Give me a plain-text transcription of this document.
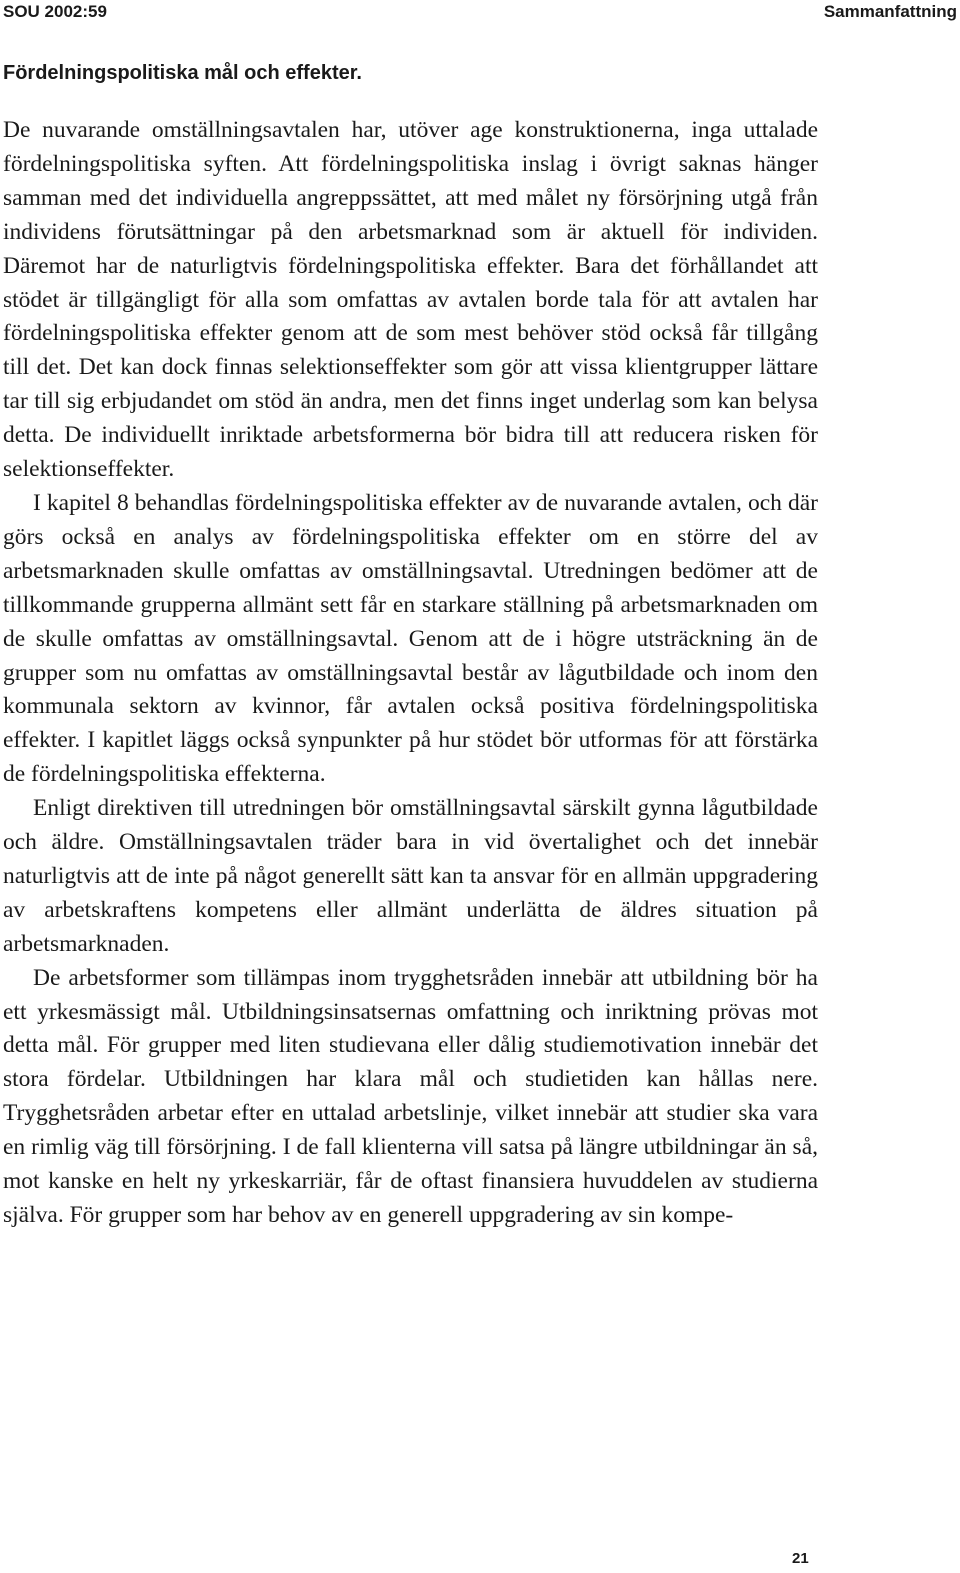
SOU 2002:59	Sammanfattning
Fördelningspolitiska mål och effekter.

De nuvarande omställningsavtalen har, utöver age konstruktionerna, inga uttalade fördelningspolitiska syften. Att fördelningspolitiska inslag i övrigt saknas hänger samman med det individuella angreppssättet, att med målet ny försörjning utgå från individens förutsättningar på den arbetsmarknad som är aktuell för individen. Däremot har de naturligtvis fördelningspolitiska effekter. Bara det förhållandet att stödet är tillgängligt för alla som omfattas av avtalen borde tala för att avtalen har fördelningspolitiska effekter genom att de som mest behöver stöd också får tillgång till det. Det kan dock finnas selektionseffekter som gör att vissa klientgrupper lättare tar till sig erbjudandet om stöd än andra, men det finns inget underlag som kan belysa detta. De individuellt inriktade arbetsformerna bör bidra till att reducera risken för selektionseffekter.

I kapitel 8 behandlas fördelningspolitiska effekter av de nuvarande avtalen, och där görs också en analys av fördelningspolitiska effekter om en större del av arbetsmarknaden skulle omfattas av omställningsavtal. Utredningen bedömer att de tillkommande grupperna allmänt sett får en starkare ställning på arbetsmarknaden om de skulle omfattas av omställningsavtal. Genom att de i högre utsträckning än de grupper som nu omfattas av omställningsavtal består av lågutbildade och inom den kommunala sektorn av kvinnor, får avtalen också positiva fördelningspolitiska effekter. I kapitlet läggs också synpunkter på hur stödet bör utformas för att förstärka de fördelningspolitiska effekterna.

Enligt direktiven till utredningen bör omställningsavtal särskilt gynna lågutbildade och äldre. Omställningsavtalen träder bara in vid övertalighet och det innebär naturligtvis att de inte på något generellt sätt kan ta ansvar för en allmän uppgradering av arbetskraftens kompetens eller allmänt underlätta de äldres situation på arbetsmarknaden.

De arbetsformer som tillämpas inom trygghetsråden innebär att utbildning bör ha ett yrkesmässigt mål. Utbildningsinsatsernas omfattning och inriktning prövas mot detta mål. För grupper med liten studievana eller dålig studiemotivation innebär det stora fördelar. Utbildningen har klara mål och studietiden kan hållas nere. Trygghetsråden arbetar efter en uttalad arbetslinje, vilket innebär att studier ska vara en rimlig väg till försörjning. I de fall klienterna vill satsa på längre utbildningar än så, mot kanske en helt ny yrkeskarriär, får de oftast finansiera huvuddelen av studierna själva. För grupper som har behov av en generell uppgradering av sin kompe-

21
